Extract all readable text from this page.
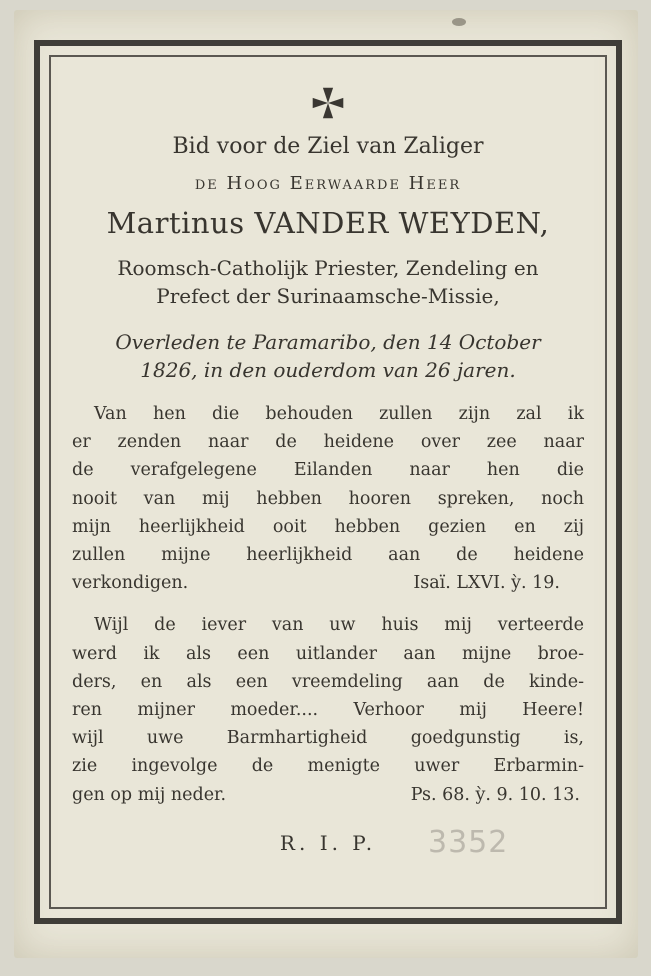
Bid voor de Ziel van Zaliger

de Hoog Eerwaarde Heer

Martinus VANDER WEYDEN,

Roomsch-Catholijk Priester, Zendeling en

Prefect der Surinaamsche-Missie,

Overleden te Paramaribo, den 14 October

1826, in den ouderdom van 26 jaren.

Van hen die behouden zullen zijn zal ik

er zenden naar de heidene over zee naar

de verafgelegene Eilanden naar hen die

nooit van mij hebben hooren spreken, noch

mijn heerlijkheid ooit hebben gezien en zij

zullen mijne heerlijkheid aan de heidene

verkondigen.	Isaï. LXVI. ỳ. 19.

Wijl de iever van uw huis mij verteerde

werd ik als een uitlander aan mijne broe-

ders, en als een vreemdeling aan de kinde-

ren mijner moeder.... Verhoor mij Heere!

wijl uwe Barmhartigheid goedgunstig is,

zie ingevolge de menigte uwer Erbarmin-

gen op mij neder.	Ps. 68. ỳ. 9. 10. 13.

R. I. P. 3352
